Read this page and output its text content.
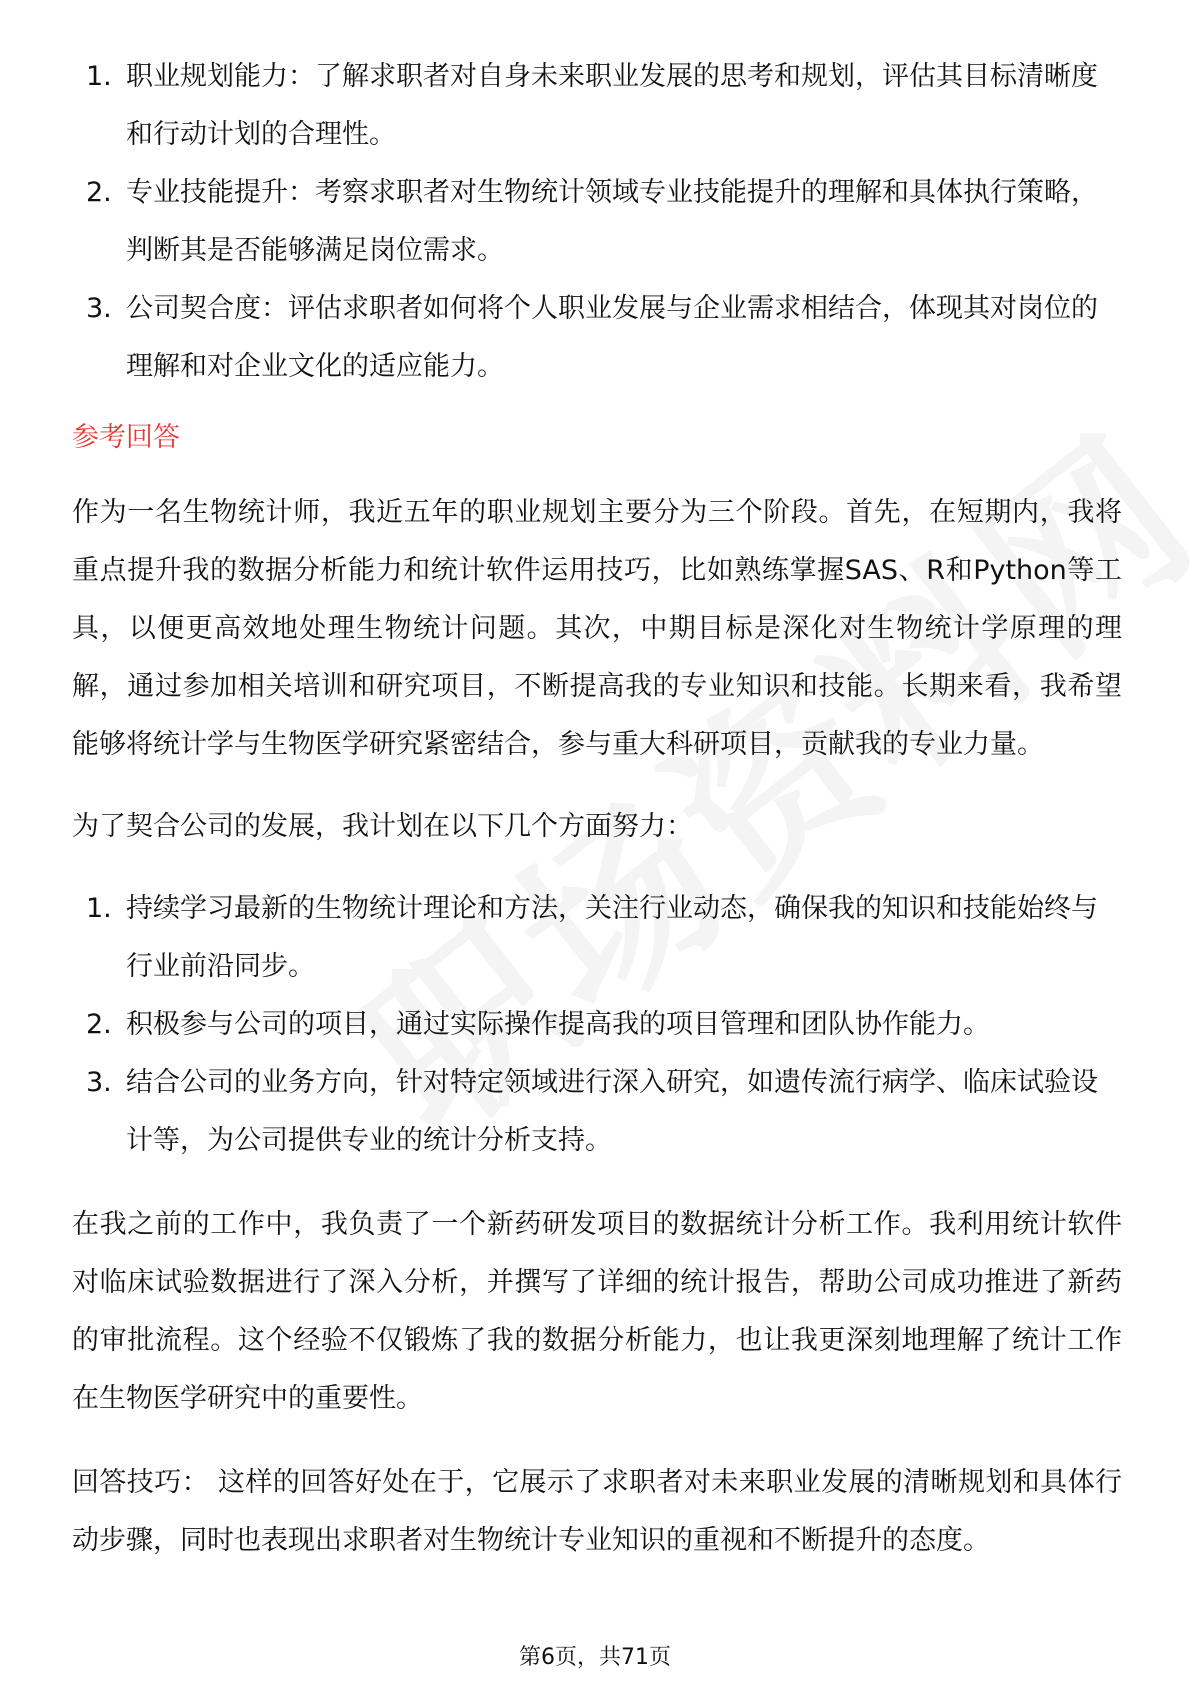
1. 职业规划能力：了解求职者对自身未来职业发展的思考和规划，评估其目标清晰度和行动计划的合理性。
2. 专业技能提升：考察求职者对生物统计领域专业技能提升的理解和具体执行策略，判断其是否能够满足岗位需求。
3. 公司契合度：评估求职者如何将个人职业发展与企业需求相结合，体现其对岗位的理解和对企业文化的适应能力。
参考回答

作为一名生物统计师，我近五年的职业规划主要分为三个阶段。首先，在短期内，我将重点提升我的数据分析能力和统计软件运用技巧，比如熟练掌握SAS、R和Python等工具，以便更高效地处理生物统计问题。其次，中期目标是深化对生物统计学原理的理解，通过参加相关培训和研究项目，不断提高我的专业知识和技能。长期来看，我希望能够将统计学与生物医学研究紧密结合，参与重大科研项目，贡献我的专业力量。

为了契合公司的发展，我计划在以下几个方面努力：

1. 持续学习最新的生物统计理论和方法，关注行业动态，确保我的知识和技能始终与行业前沿同步。
2. 积极参与公司的项目，通过实际操作提高我的项目管理和团队协作能力。
3. 结合公司的业务方向，针对特定领域进行深入研究，如遗传流行病学、临床试验设计等，为公司提供专业的统计分析支持。

在我之前的工作中，我负责了一个新药研发项目的数据统计分析工作。我利用统计软件对临床试验数据进行了深入分析，并撰写了详细的统计报告，帮助公司成功推进了新药的审批流程。这个经验不仅锻炼了我的数据分析能力，也让我更深刻地理解了统计工作在生物医学研究中的重要性。

回答技巧： 这样的回答好处在于，它展示了求职者对未来职业发展的清晰规划和具体行动步骤，同时也表现出求职者对生物统计专业知识的重视和不断提升的态度。

第6页，共71页
